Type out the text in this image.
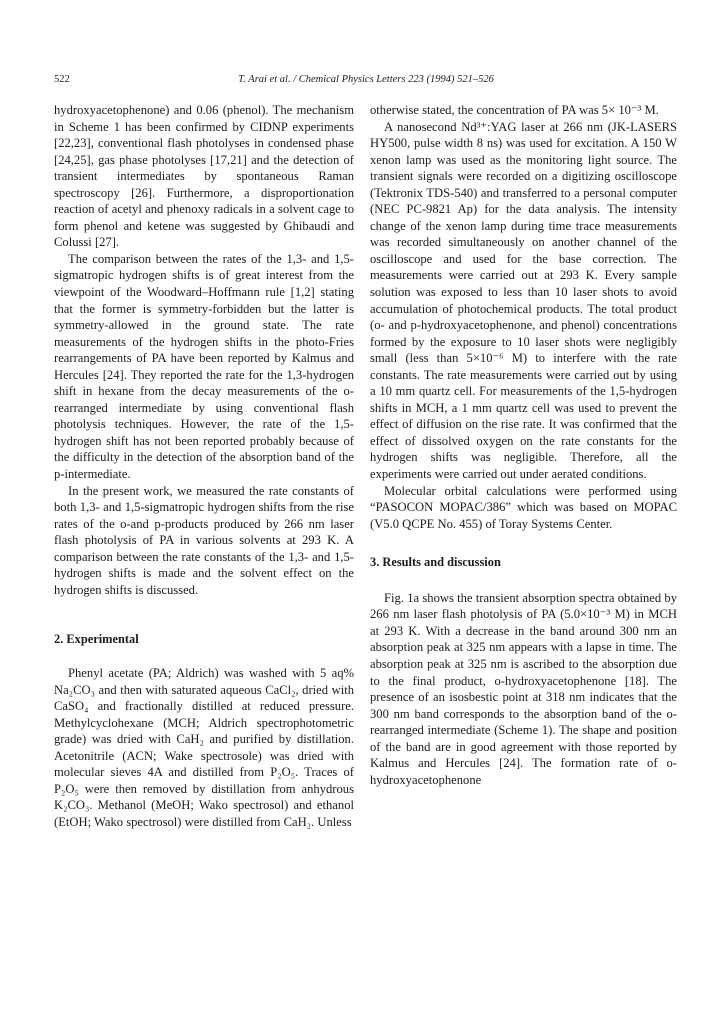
522	T. Arai et al. / Chemical Physics Letters 223 (1994) 521–526

hydroxyacetophenone) and 0.06 (phenol). The mechanism in Scheme 1 has been confirmed by CIDNP experiments [22,23], conventional flash photolyses in condensed phase [24,25], gas phase photolyses [17,21] and the detection of transient intermediates by spontaneous Raman spectroscopy [26]. Furthermore, a disproportionation reaction of acetyl and phenoxy radicals in a solvent cage to form phenol and ketene was suggested by Ghibaudi and Colussi [27].

The comparison between the rates of the 1,3- and 1,5-sigmatropic hydrogen shifts is of great interest from the viewpoint of the Woodward–Hoffmann rule [1,2] stating that the former is symmetry-forbidden but the latter is symmetry-allowed in the ground state. The rate measurements of the hydrogen shifts in the photo-Fries rearrangements of PA have been reported by Kalmus and Hercules [24]. They reported the rate for the 1,3-hydrogen shift in hexane from the decay measurements of the o-rearranged intermediate by using conventional flash photolysis techniques. However, the rate of the 1,5-hydrogen shift has not been reported probably because of the difficulty in the detection of the absorption band of the p-intermediate.

In the present work, we measured the rate constants of both 1,3- and 1,5-sigmatropic hydrogen shifts from the rise rates of the o-and p-products produced by 266 nm laser flash photolysis of PA in various solvents at 293 K. A comparison between the rate constants of the 1,3- and 1,5-hydrogen shifts is made and the solvent effect on the hydrogen shifts is discussed.

2. Experimental

Phenyl acetate (PA; Aldrich) was washed with 5 aq% Na₂CO₃ and then with saturated aqueous CaCl₂, dried with CaSO₄ and fractionally distilled at reduced pressure. Methylcyclohexane (MCH; Aldrich spectrophotometric grade) was dried with CaH₂ and purified by distillation. Acetonitrile (ACN; Wake spectrosole) was dried with molecular sieves 4A and distilled from P₂O₅. Traces of P₂O₅ were then removed by distillation from anhydrous K₂CO₃. Methanol (MeOH; Wako spectrosol) and ethanol (EtOH; Wako spectrosol) were distilled from CaH₂. Unless

otherwise stated, the concentration of PA was 5× 10⁻³ M.

A nanosecond Nd³⁺:YAG laser at 266 nm (JK-LASERS HY500, pulse width 8 ns) was used for excitation. A 150 W xenon lamp was used as the monitoring light source. The transient signals were recorded on a digitizing oscilloscope (Tektronix TDS-540) and transferred to a personal computer (NEC PC-9821 Ap) for the data analysis. The intensity change of the xenon lamp during time trace measurements was recorded simultaneously on another channel of the oscilloscope and used for the base correction. The measurements were carried out at 293 K. Every sample solution was exposed to less than 10 laser shots to avoid accumulation of photochemical products. The total product (o- and p-hydroxyacetophenone, and phenol) concentrations formed by the exposure to 10 laser shots were negligibly small (less than 5×10⁻⁶ M) to interfere with the rate constants. The rate measurements were carried out by using a 10 mm quartz cell. For measurements of the 1,5-hydrogen shifts in MCH, a 1 mm quartz cell was used to prevent the effect of diffusion on the rise rate. It was confirmed that the effect of dissolved oxygen on the rate constants for the hydrogen shifts was negligible. Therefore, all the experiments were carried out under aerated conditions.

Molecular orbital calculations were performed using “PASOCON MOPAC/386” which was based on MOPAC (V5.0 QCPE No. 455) of Toray Systems Center.

3. Results and discussion

Fig. 1a shows the transient absorption spectra obtained by 266 nm laser flash photolysis of PA (5.0×10⁻³ M) in MCH at 293 K. With a decrease in the band around 300 nm an absorption peak at 325 nm appears with a lapse in time. The absorption peak at 325 nm is ascribed to the absorption due to the final product, o-hydroxyacetophenone [18]. The presence of an isosbestic point at 318 nm indicates that the 300 nm band corresponds to the absorption band of the o-rearranged intermediate (Scheme 1). The shape and position of the band are in good agreement with those reported by Kalmus and Hercules [24]. The formation rate of o-hydroxyacetophenone
